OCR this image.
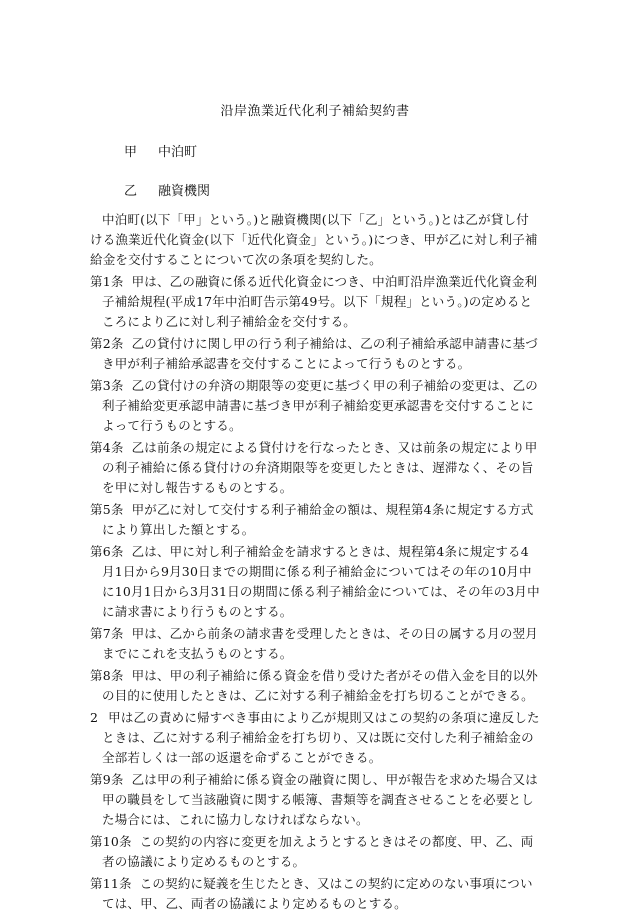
沿岸漁業近代化利子補給契約書
甲 中泊町
乙 融資機関

中泊町(以下「甲」という。)と融資機関(以下「乙」という。)とは乙が貸し付ける漁業近代化資金(以下「近代化資金」という。)につき、甲が乙に対し利子補給金を交付することについて次の条項を契約した。

第1条 甲は、乙の融資に係る近代化資金につき、中泊町沿岸漁業近代化資金利子補給規程(平成17年中泊町告示第49号。以下「規程」という。)の定めるところにより乙に対し利子補給金を交付する。

第2条 乙の貸付けに関し甲の行う利子補給は、乙の利子補給承認申請書に基づき甲が利子補給承認書を交付することによって行うものとする。

第3条 乙の貸付けの弁済の期限等の変更に基づく甲の利子補給の変更は、乙の利子補給変更承認申請書に基づき甲が利子補給変更承認書を交付することによって行うものとする。

第4条 乙は前条の規定による貸付けを行なったとき、又は前条の規定により甲の利子補給に係る貸付けの弁済期限等を変更したときは、遅滞なく、その旨を甲に対し報告するものとする。

第5条 甲が乙に対して交付する利子補給金の額は、規程第4条に規定する方式により算出した額とする。

第6条 乙は、甲に対し利子補給金を請求するときは、規程第4条に規定する4月1日から9月30日までの期間に係る利子補給金についてはその年の10月中に10月1日から3月31日の期間に係る利子補給金については、その年の3月中に請求書により行うものとする。

第7条 甲は、乙から前条の請求書を受理したときは、その日の属する月の翌月までにこれを支払うものとする。

第8条 甲は、甲の利子補給に係る資金を借り受けた者がその借入金を目的以外の目的に使用したときは、乙に対する利子補給金を打ち切ることができる。

2 甲は乙の責めに帰すべき事由により乙が規則又はこの契約の条項に違反したときは、乙に対する利子補給金を打ち切り、又は既に交付した利子補給金の全部若しくは一部の返還を命ずることができる。

第9条 乙は甲の利子補給に係る資金の融資に関し、甲が報告を求めた場合又は甲の職員をして当該融資に関する帳簿、書類等を調査させることを必要とした場合には、これに協力しなければならない。

第10条 この契約の内容に変更を加えようとするときはその都度、甲、乙、両者の協議により定めるものとする。

第11条 この契約に疑義を生じたとき、又はこの契約に定めのない事項については、甲、乙、両者の協議により定めるものとする。
